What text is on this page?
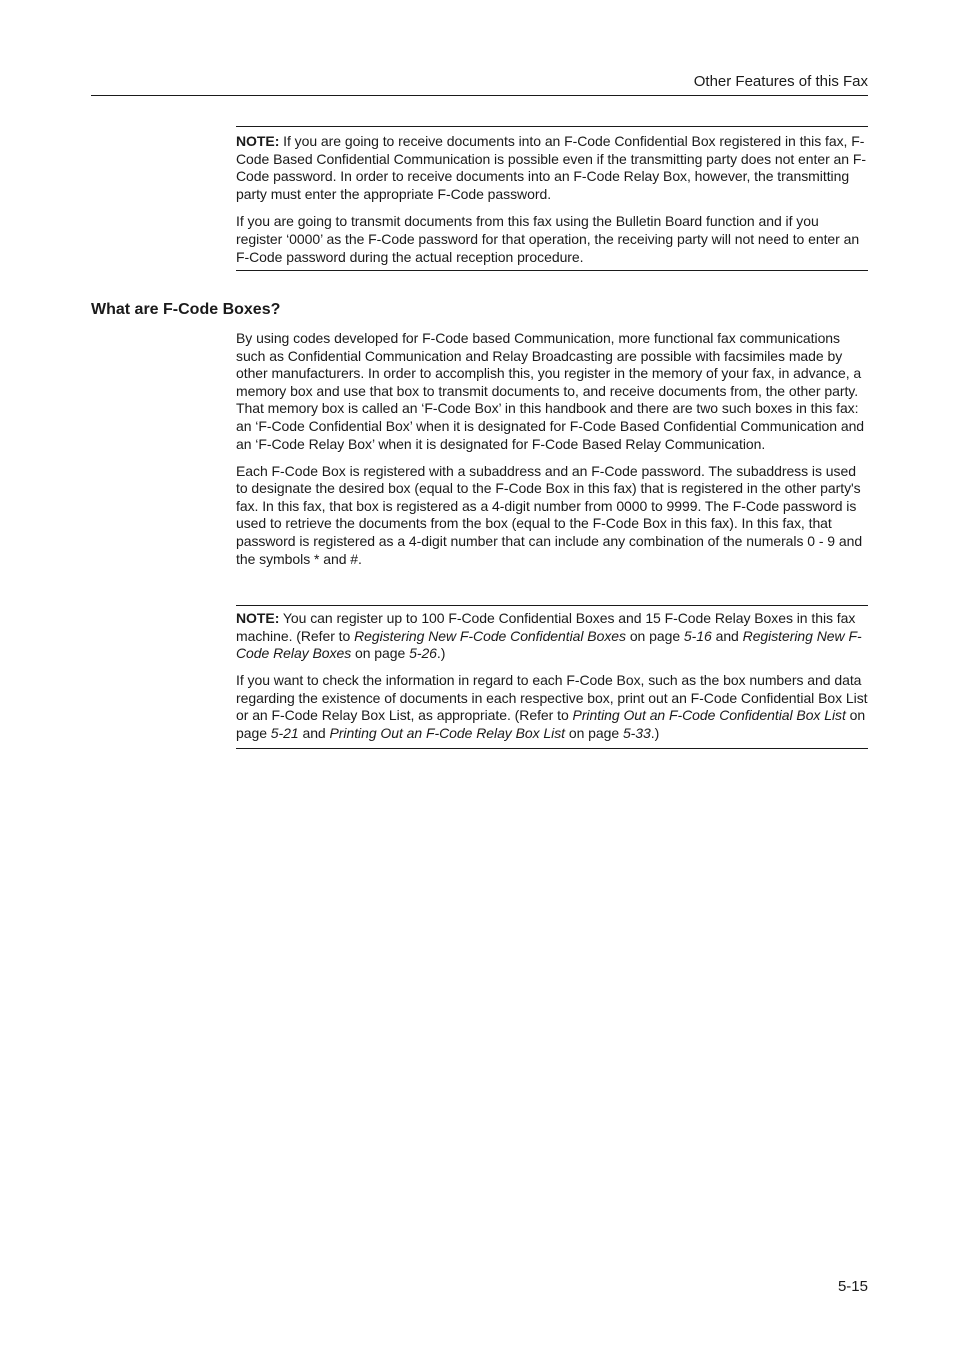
Other Features of this Fax

NOTE: If you are going to receive documents into an F-Code Confidential Box registered in this fax, F-Code Based Confidential Communication is possible even if the transmitting party does not enter an F-Code password. In order to receive documents into an F-Code Relay Box, however, the transmitting party must enter the appropriate F-Code password.

If you are going to transmit documents from this fax using the Bulletin Board function and if you register ‘0000’ as the F-Code password for that operation, the receiving party will not need to enter an F-Code password during the actual reception procedure.

What are F-Code Boxes?

By using codes developed for F-Code based Communication, more functional fax communications such as Confidential Communication and Relay Broadcasting are possible with facsimiles made by other manufacturers. In order to accomplish this, you register in the memory of your fax, in advance, a memory box and use that box to transmit documents to, and receive documents from, the other party. That memory box is called an ‘F-Code Box’ in this handbook and there are two such boxes in this fax: an ‘F-Code Confidential Box’ when it is designated for F-Code Based Confidential Communication and an ‘F-Code Relay Box’ when it is designated for F-Code Based Relay Communication.

Each F-Code Box is registered with a subaddress and an F-Code password. The subaddress is used to designate the desired box (equal to the F-Code Box in this fax) that is registered in the other party's fax. In this fax, that box is registered as a 4-digit number from 0000 to 9999. The F-Code password is used to retrieve the documents from the box (equal to the F-Code Box in this fax). In this fax, that password is registered as a 4-digit number that can include any combination of the numerals 0 - 9 and the symbols * and #.

NOTE: You can register up to 100 F-Code Confidential Boxes and 15 F-Code Relay Boxes in this fax machine. (Refer to Registering New F-Code Confidential Boxes on page 5-16 and Registering New F-Code Relay Boxes on page 5-26.)

If you want to check the information in regard to each F-Code Box, such as the box numbers and data regarding the existence of documents in each respective box, print out an F-Code Confidential Box List or an F-Code Relay Box List, as appropriate. (Refer to Printing Out an F-Code Confidential Box List on page 5-21 and Printing Out an F-Code Relay Box List on page 5-33.)

5-15
